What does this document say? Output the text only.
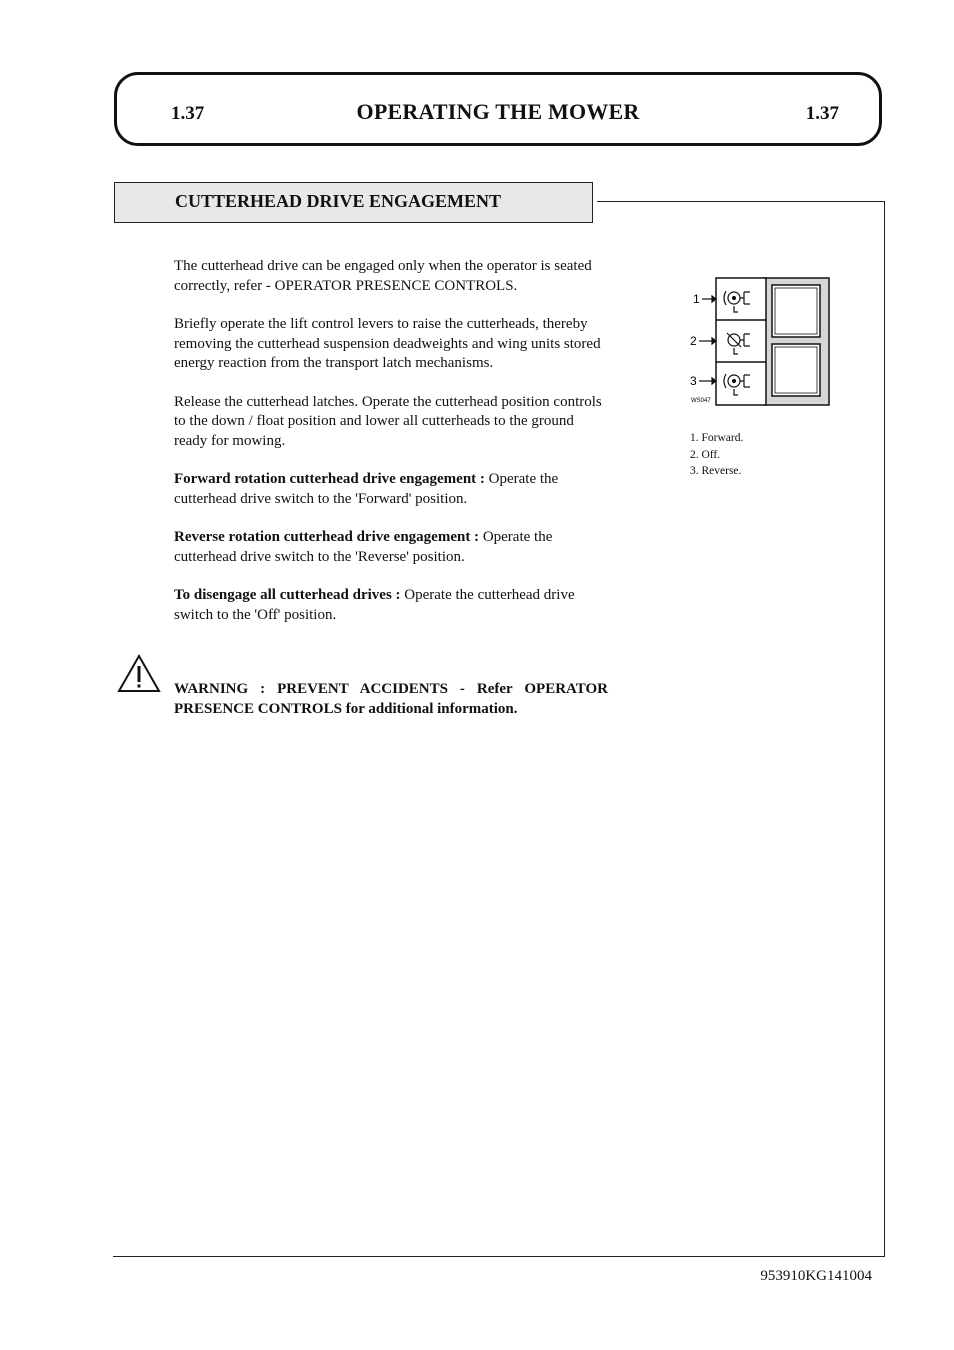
1.37	OPERATING THE MOWER	1.37
CUTTERHEAD DRIVE ENGAGEMENT

The cutterhead drive can be engaged only when the operator is seated correctly, refer - OPERATOR PRESENCE CONTROLS.

Briefly operate the lift control levers to raise the cutterheads, thereby removing the cutterhead suspension deadweights and wing units stored energy reaction from the transport latch mechanisms.

Release the cutterhead latches. Operate the cutterhead position controls to the down / float position and lower all cutterheads to the ground ready for mowing.

Forward rotation cutterhead drive engagement : Operate the cutterhead drive switch to the 'Forward' position.

Reverse rotation cutterhead drive engagement : Operate the cutterhead drive switch to the 'Reverse' position.

To disengage all cutterhead drives : Operate the cutterhead drive switch to the 'Off' position.

WARNING : PREVENT ACCIDENTS - Refer OPERATOR PRESENCE CONTROLS for additional information.
1
2
3
WS047
1. Forward.
2. Off.
3. Reverse.
953910KG141004
